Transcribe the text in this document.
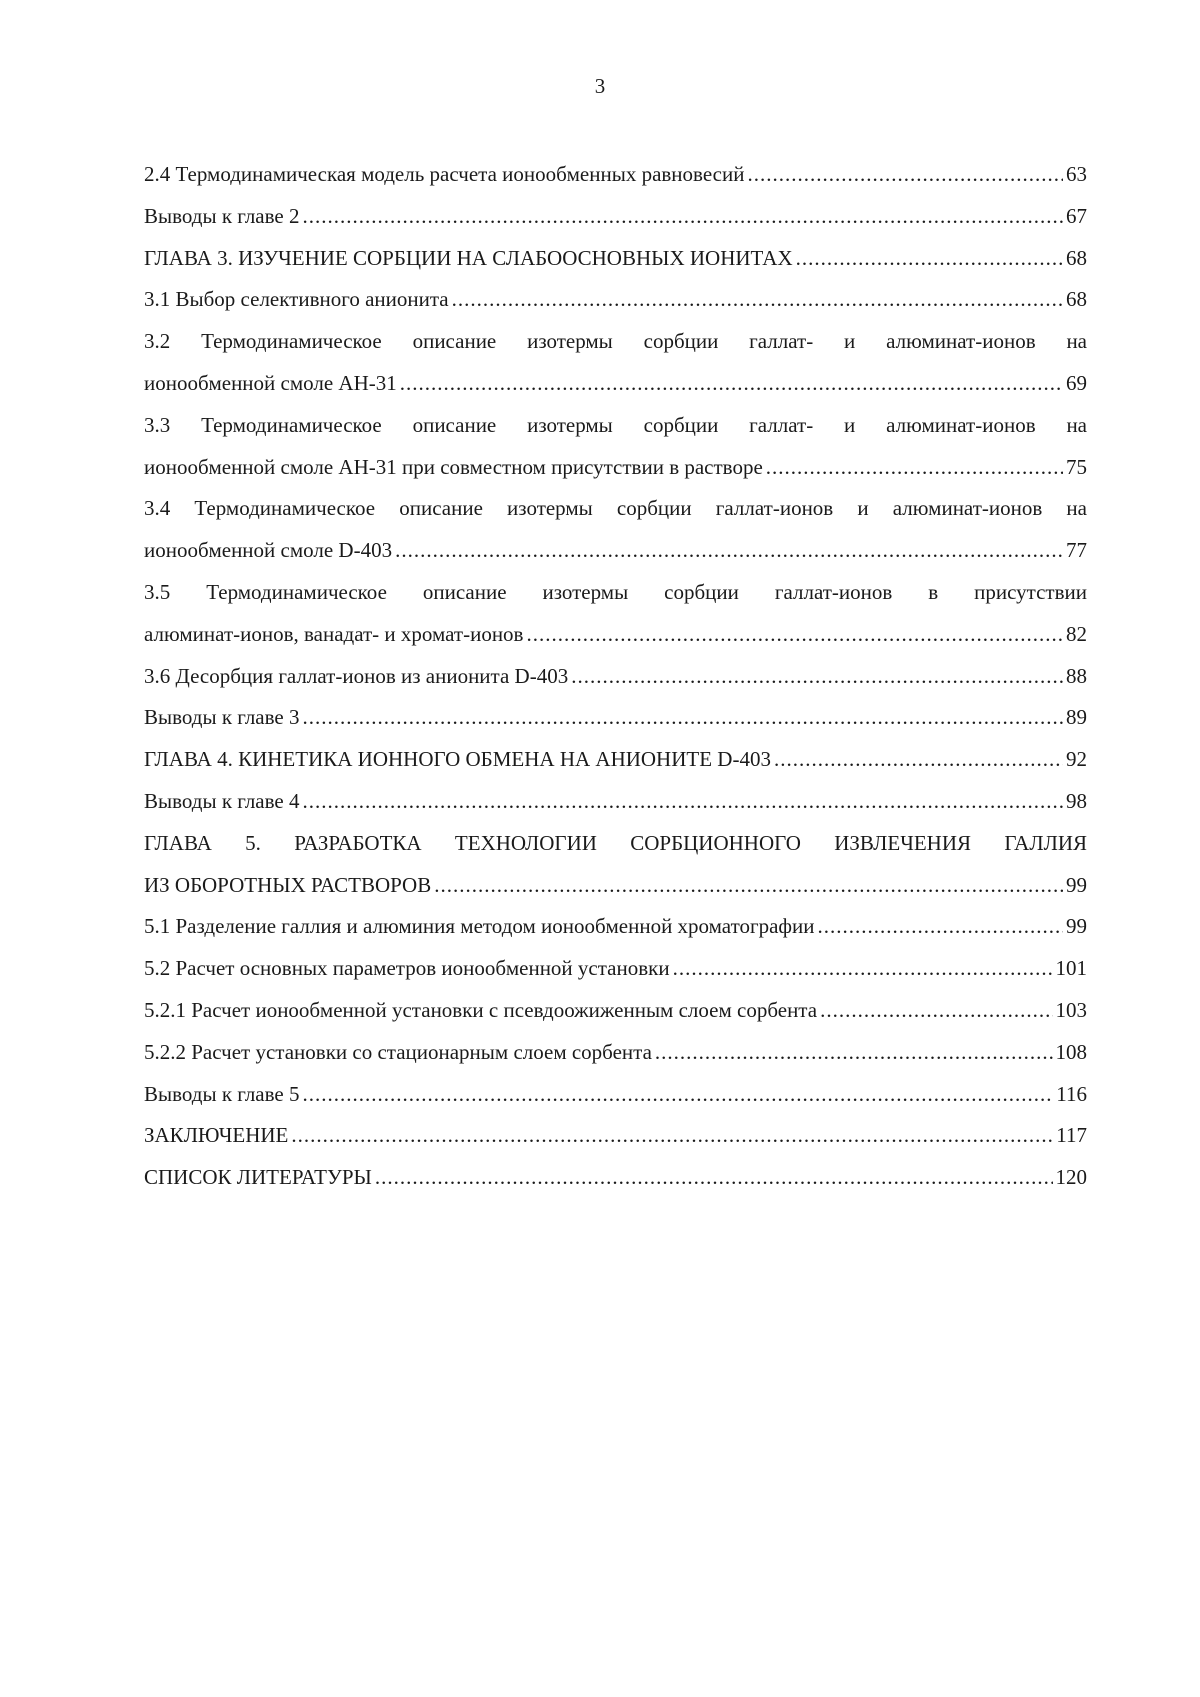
3
2.4 Термодинамическая модель расчета ионообменных равновесий .....	63
Выводы к главе 2 .....	67
ГЛАВА 3. ИЗУЧЕНИЕ СОРБЦИИ НА СЛАБООСНОВНЫХ ИОНИТАХ .....	68
3.1 Выбор селективного анионита .....	68
3.2 Термодинамическое описание изотермы сорбции галлат- и алюминат-ионов на
ионообменной смоле АН-31 .....	69
3.3 Термодинамическое описание изотермы сорбции галлат- и алюминат-ионов на
ионообменной смоле АН-31 при совместном присутствии в растворе .....	75
3.4 Термодинамическое описание изотермы сорбции галлат-ионов и алюминат-ионов на
ионообменной смоле D-403 .....	77
3.5 Термодинамическое описание изотермы сорбции галлат-ионов в присутствии
алюминат-ионов, ванадат- и хромат-ионов .....	82
3.6 Десорбция галлат-ионов из анионита D-403 .....	88
Выводы к главе 3 .....	89
ГЛАВА 4. КИНЕТИКА ИОННОГО ОБМЕНА НА АНИОНИТЕ D-403 .....	92
Выводы к главе 4 .....	98
ГЛАВА 5. РАЗРАБОТКА ТЕХНОЛОГИИ СОРБЦИОННОГО ИЗВЛЕЧЕНИЯ ГАЛЛИЯ
ИЗ ОБОРОТНЫХ РАСТВОРОВ .....	99
5.1 Разделение галлия и алюминия методом ионообменной хроматографии .....	99
5.2 Расчет основных параметров ионообменной установки .....	101
5.2.1 Расчет ионообменной установки с псевдоожиженным слоем сорбента .....	103
5.2.2 Расчет установки со стационарным слоем сорбента .....	108
Выводы к главе 5 .....	116
ЗАКЛЮЧЕНИЕ .....	117
СПИСОК ЛИТЕРАТУРЫ .....	120
